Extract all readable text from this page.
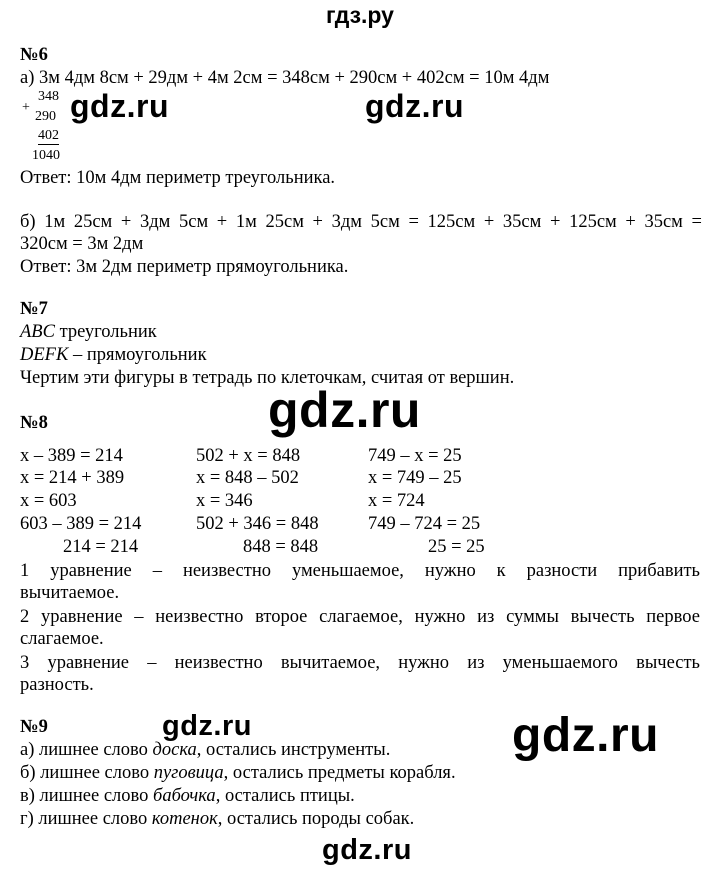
гдз.ру
№6
а) 3м 4дм 8см + 29дм + 4м 2см = 348см + 290см + 402см = 10м 4дм
+
348
290
402
1040
Ответ: 10м 4дм периметр треугольника.
б) 1м 25см + 3дм 5см + 1м 25см + 3дм 5см = 125см + 35см + 125см + 35см =
320см = 3м 2дм
Ответ: 3м 2дм периметр прямоугольника.
№7
ABC треугольник
DEFK – прямоугольник
Чертим эти фигуры в тетрадь по клеточкам, считая от вершин.
№8
x – 389 = 214
x = 214 + 389
x = 603
603 – 389 = 214
214 = 214
502 + x = 848
x = 848 – 502
x = 346
502 + 346 = 848
848 = 848
749 – x = 25
x = 749 – 25
x = 724
749 – 724 = 25
25 = 25
1 уравнение – неизвестно уменьшаемое, нужно к разности прибавить
вычитаемое.
2 уравнение – неизвестно второе слагаемое, нужно из суммы вычесть первое
слагаемое.
3 уравнение – неизвестно вычитаемое, нужно из уменьшаемого вычесть
разность.
№9
а) лишнее слово доска, остались инструменты.
б) лишнее слово пуговица, остались предметы корабля.
в) лишнее слово бабочка, остались птицы.
г) лишнее слово котенок, остались породы собак.
gdz.ru	gdz.ru
gdz.ru
gdz.ru	gdz.ru
gdz.ru
